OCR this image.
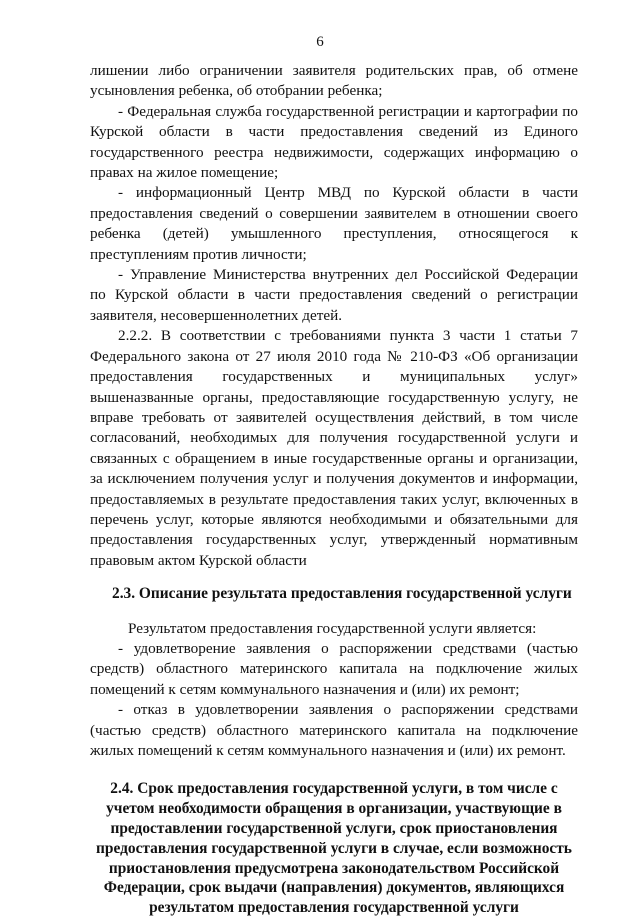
6

лишении либо ограничении заявителя родительских прав, об отмене усыновления ребенка, об отобрании ребенка;

- Федеральная служба государственной регистрации и картографии по Курской области в части предоставления сведений из Единого государственного реестра недвижимости, содержащих информацию о правах на жилое помещение;

- информационный Центр МВД по Курской области в части предоставления сведений о совершении заявителем в отношении своего ребенка (детей) умышленного преступления, относящегося к преступлениям против личности;

- Управление Министерства внутренних дел Российской Федерации по Курской области в части предоставления сведений о регистрации заявителя, несовершеннолетних детей.

2.2.2. В соответствии с требованиями пункта 3 части 1 статьи 7 Федерального закона от 27 июля 2010 года № 210-ФЗ «Об организации предоставления государственных и муниципальных услуг» вышеназванные органы, предоставляющие государственную услугу, не вправе требовать от заявителей осуществления действий, в том числе согласований, необходимых для получения государственной услуги и связанных с обращением в иные государственные органы и организации, за исключением получения услуг и получения документов и информации, предоставляемых в результате предоставления таких услуг, включенных в перечень услуг, которые являются необходимыми и обязательными для предоставления государственных услуг, утвержденный нормативным правовым актом Курской области

2.3. Описание результата предоставления государственной услуги

Результатом предоставления государственной услуги является:

- удовлетворение заявления о распоряжении средствами (частью средств) областного материнского капитала на подключение жилых помещений к сетям коммунального назначения и (или) их ремонт;

- отказ в удовлетворении заявления о распоряжении средствами (частью средств) областного материнского капитала на подключение жилых помещений к сетям коммунального назначения и (или) их ремонт.

2.4. Срок предоставления государственной услуги, в том числе с учетом необходимости обращения в организации, участвующие в предоставлении государственной услуги, срок приостановления предоставления государственной услуги в случае, если возможность приостановления предусмотрена законодательством Российской Федерации, срок выдачи (направления) документов, являющихся результатом предоставления государственной услуги
